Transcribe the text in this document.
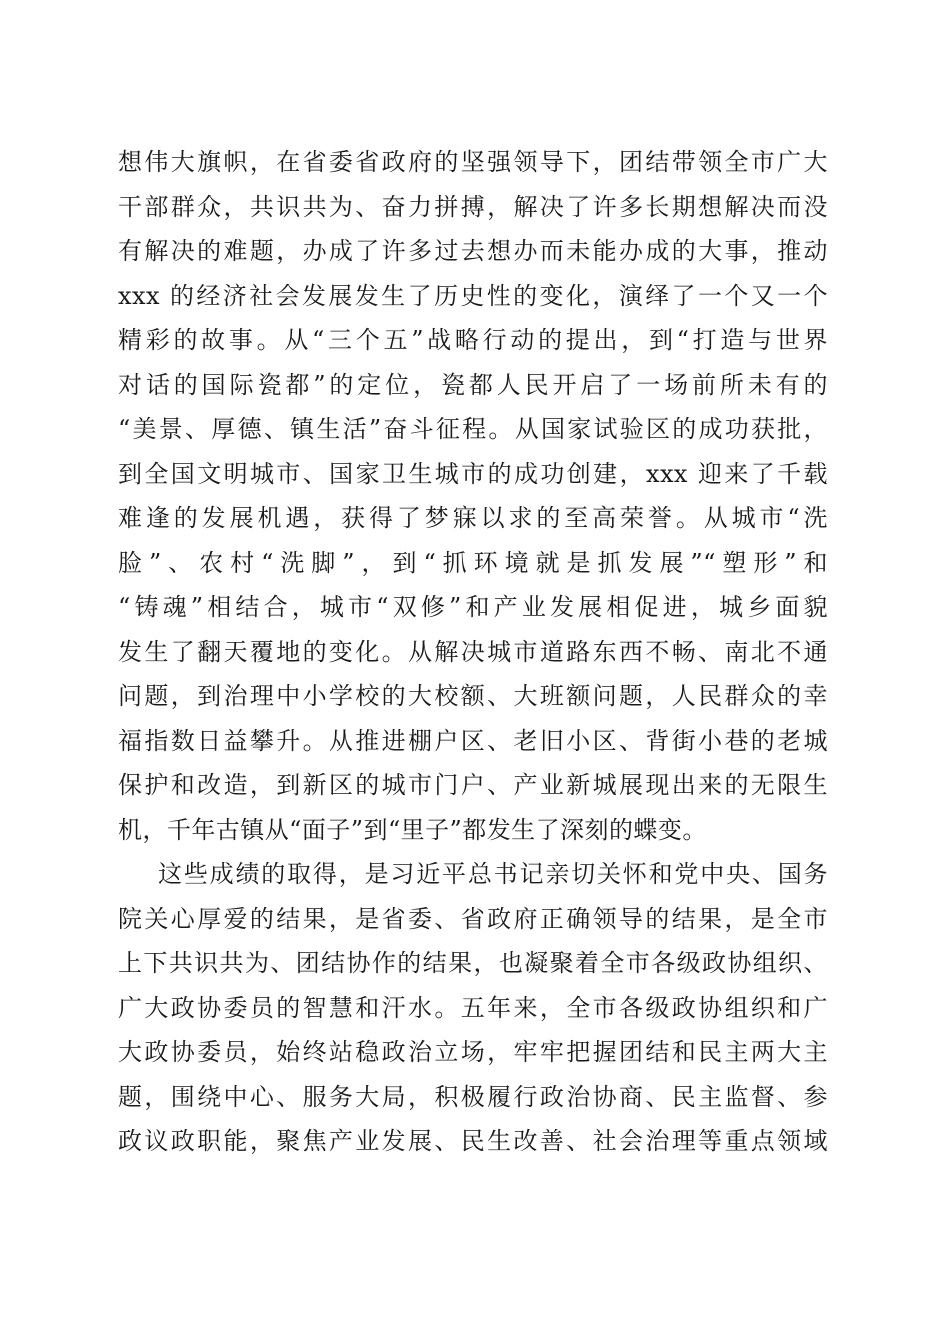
想伟大旗帜，在省委省政府的坚强领导下，团结带领全市广大
干部群众，共识共为、奋力拼搏，解决了许多长期想解决而没
有解决的难题，办成了许多过去想办而未能办成的大事，推动
xxx 的经济社会发展发生了历史性的变化，演绎了一个又一个
精彩的故事。从“三个五”战略行动的提出，到“打造与世界
对话的国际瓷都”的定位，瓷都人民开启了一场前所未有的
“美景、厚德、镇生活”奋斗征程。从国家试验区的成功获批，
到全国文明城市、国家卫生城市的成功创建，xxx 迎来了千载
难逢的发展机遇，获得了梦寐以求的至高荣誉。从城市“洗
脸”、农村“洗脚”，到“抓环境就是抓发展”“塑形”和
“铸魂”相结合，城市“双修”和产业发展相促进，城乡面貌
发生了翻天覆地的变化。从解决城市道路东西不畅、南北不通
问题，到治理中小学校的大校额、大班额问题，人民群众的幸
福指数日益攀升。从推进棚户区、老旧小区、背街小巷的老城
保护和改造，到新区的城市门户、产业新城展现出来的无限生
机，千年古镇从“面子”到“里子”都发生了深刻的蝶变。
这些成绩的取得，是习近平总书记亲切关怀和党中央、国务
院关心厚爱的结果，是省委、省政府正确领导的结果，是全市
上下共识共为、团结协作的结果，也凝聚着全市各级政协组织、
广大政协委员的智慧和汗水。五年来，全市各级政协组织和广
大政协委员，始终站稳政治立场，牢牢把握团结和民主两大主
题，围绕中心、服务大局，积极履行政治协商、民主监督、参
政议政职能，聚焦产业发展、民生改善、社会治理等重点领域
